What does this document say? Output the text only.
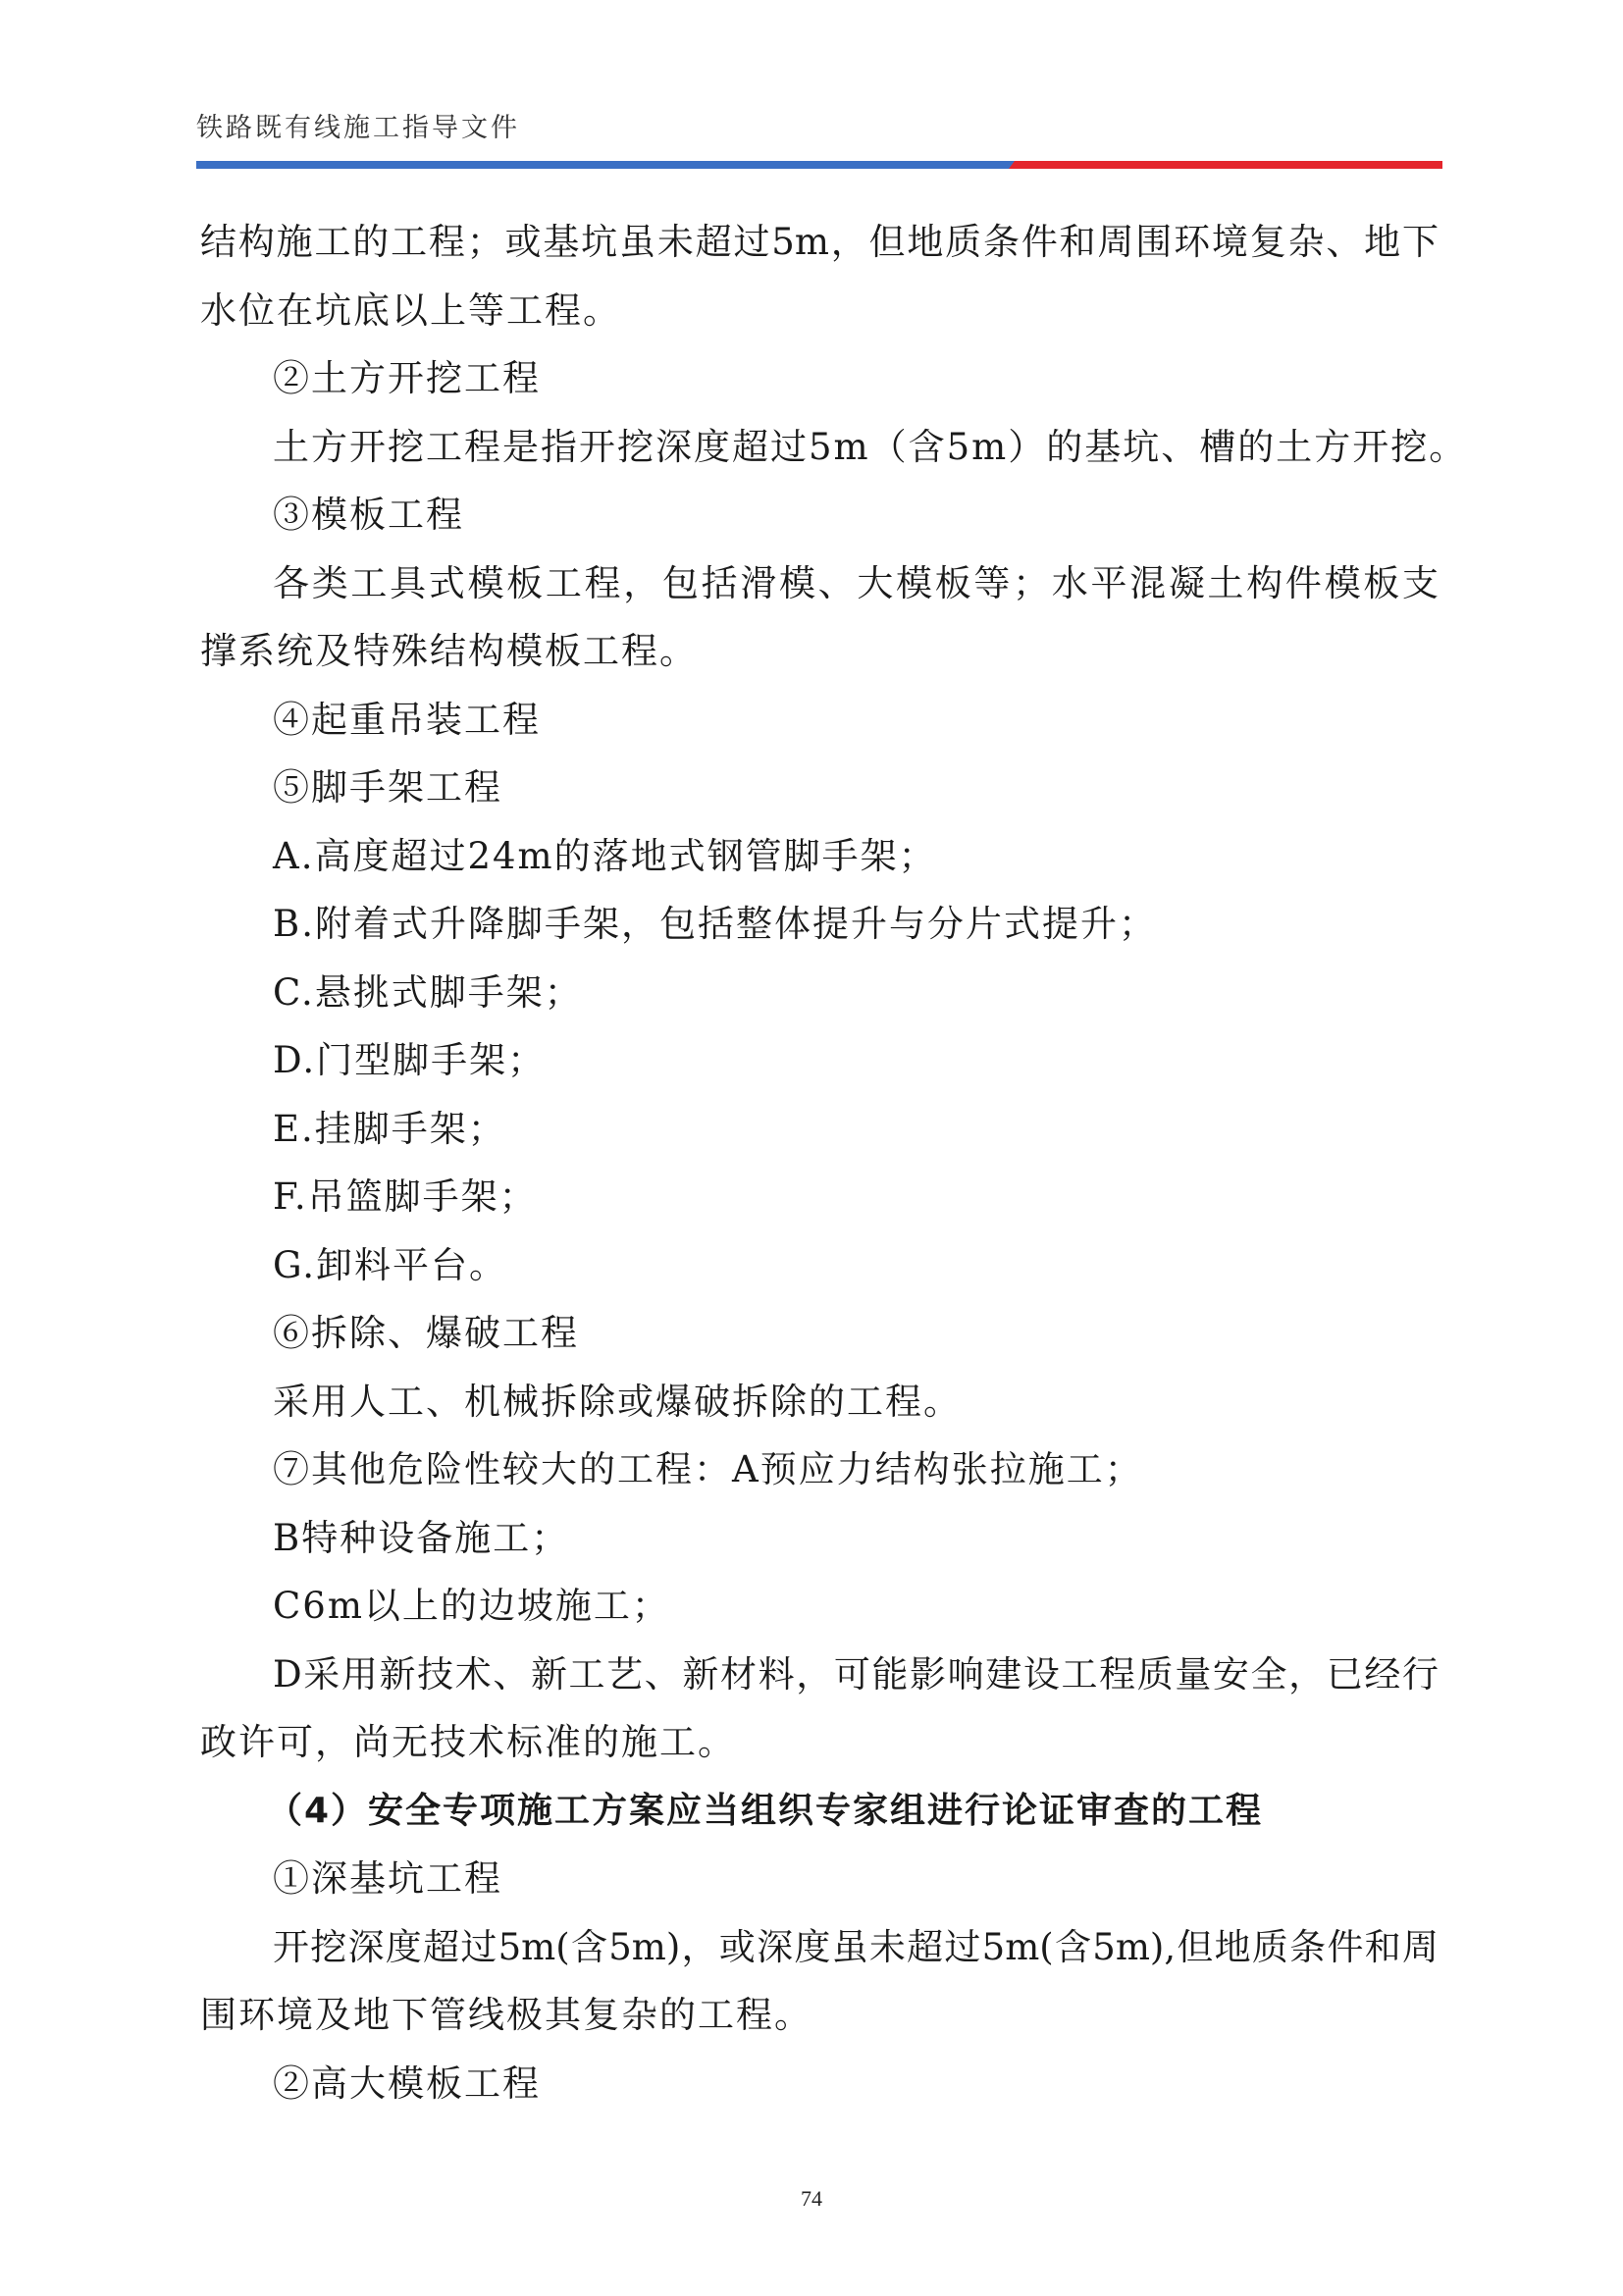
铁路既有线施工指导文件
结构施工的工程；或基坑虽未超过5m，但地质条件和周围环境复杂、地下
水位在坑底以上等工程。
②土方开挖工程
土方开挖工程是指开挖深度超过5m（含5m）的基坑、槽的土方开挖。
③模板工程
各类工具式模板工程，包括滑模、大模板等；水平混凝土构件模板支
撑系统及特殊结构模板工程。
④起重吊装工程
⑤脚手架工程
A.高度超过24m的落地式钢管脚手架；
B.附着式升降脚手架，包括整体提升与分片式提升；
C.悬挑式脚手架；
D.门型脚手架；
E.挂脚手架；
F.吊篮脚手架；
G.卸料平台。
⑥拆除、爆破工程
采用人工、机械拆除或爆破拆除的工程。
⑦其他危险性较大的工程：A预应力结构张拉施工；
B特种设备施工；
C6m以上的边坡施工；
D采用新技术、新工艺、新材料，可能影响建设工程质量安全，已经行
政许可，尚无技术标准的施工。
（4）安全专项施工方案应当组织专家组进行论证审查的工程
①深基坑工程
开挖深度超过5m(含5m)，或深度虽未超过5m(含5m),但地质条件和周
围环境及地下管线极其复杂的工程。
②高大模板工程
74
